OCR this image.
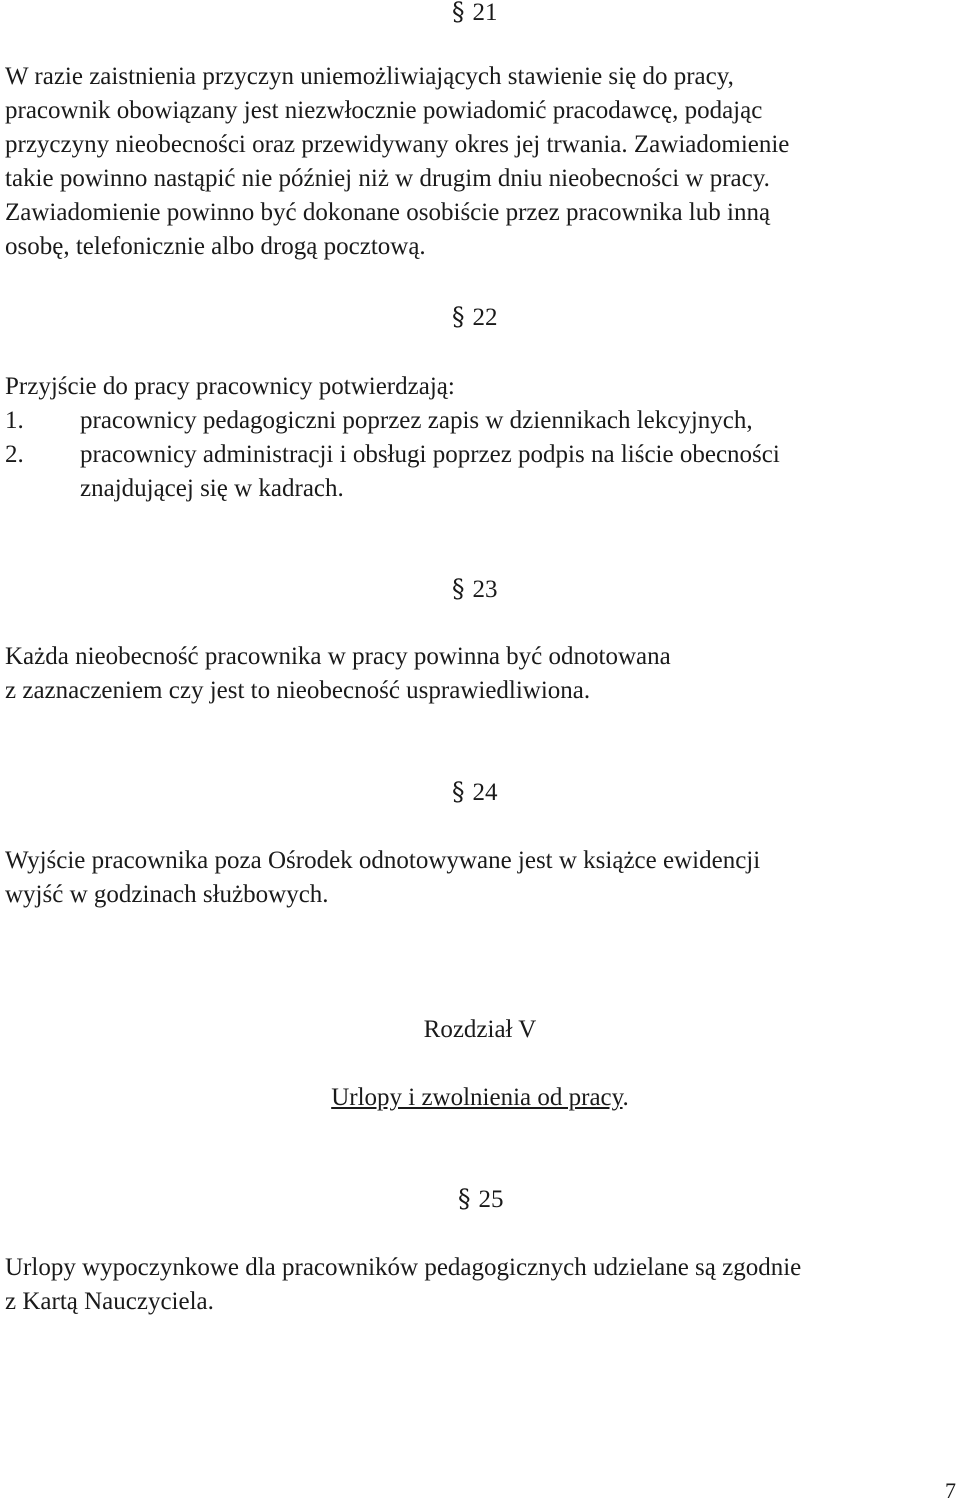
§ 21
W razie zaistnienia przyczyn uniemożliwiających stawienie się do pracy,
pracownik obowiązany jest niezwłocznie powiadomić pracodawcę, podając
przyczyny nieobecności oraz przewidywany okres jej trwania. Zawiadomienie
takie powinno nastąpić nie później niż w drugim dniu nieobecności w pracy.
Zawiadomienie powinno być dokonane osobiście przez pracownika lub inną
osobę, telefonicznie albo drogą pocztową.
§ 22
Przyjście do pracy pracownicy potwierdzają:
1. pracownicy pedagogiczni poprzez zapis w dziennikach lekcyjnych,
2. pracownicy administracji i obsługi poprzez podpis na liście obecności
znajdującej się w kadrach.
§ 23
Każda nieobecność pracownika w pracy powinna być odnotowana
z zaznaczeniem czy jest to nieobecność usprawiedliwiona.
§ 24
Wyjście pracownika poza Ośrodek odnotowywane jest w książce ewidencji
wyjść w godzinach służbowych.
Rozdział V
Urlopy i zwolnienia od pracy.
§ 25
Urlopy wypoczynkowe dla pracowników pedagogicznych udzielane są zgodnie
z Kartą Nauczyciela.
7
